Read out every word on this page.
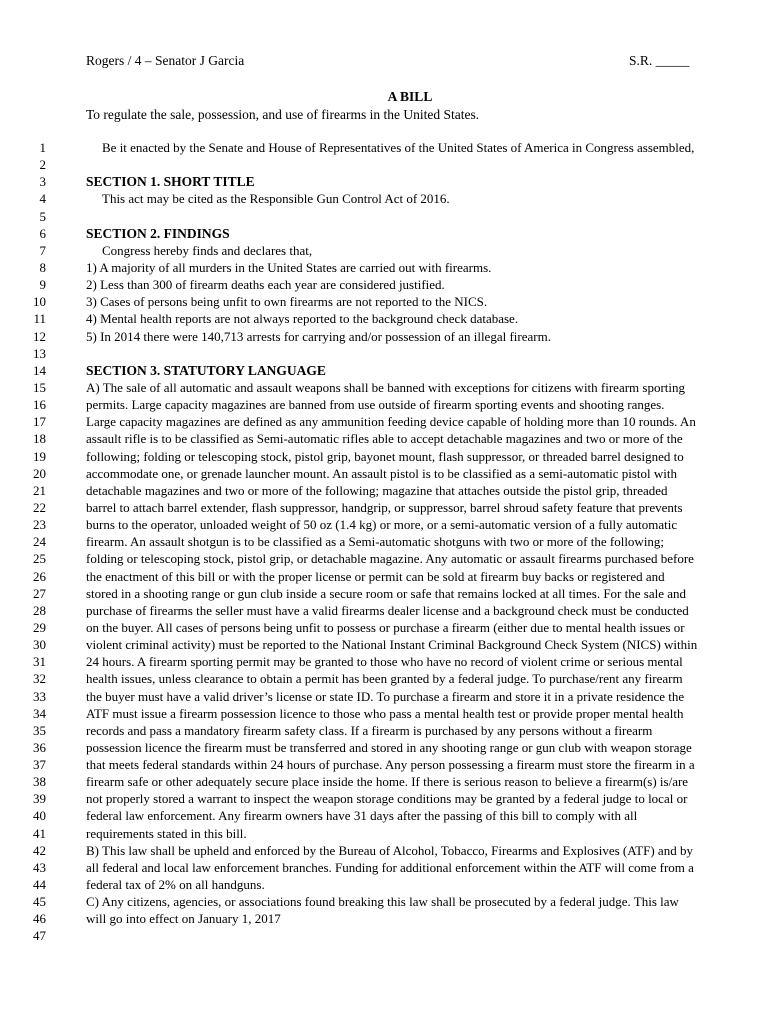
Rogers / 4 – Senator J Garcia	S.R. _____
A BILL
To regulate the sale, possession, and use of firearms in the United States.
1	Be it enacted by the Senate and House of Representatives of the United States of America in Congress assembled,
2
3	SECTION 1. SHORT TITLE
4	This act may be cited as the Responsible Gun Control Act of 2016.
5
6	SECTION 2. FINDINGS
7	Congress hereby finds and declares that,
8	1) A majority of all murders in the United States are carried out with firearms.
9	2) Less than 300 of firearm deaths each year are considered justified.
10	3) Cases of persons being unfit to own firearms are not reported to the NICS.
11	4) Mental health reports are not always reported to the background check database.
12	5) In 2014 there were 140,713 arrests for carrying and/or possession of an illegal firearm.
13
14	SECTION 3. STATUTORY LANGUAGE
15	A) The sale of all automatic and assault weapons shall be banned with exceptions for citizens with firearm sporting
16	permits. Large capacity magazines are banned from use outside of firearm sporting events and shooting ranges.
17	Large capacity magazines are defined as any ammunition feeding device capable of holding more than 10 rounds. An
18	assault rifle is to be classified as Semi-automatic rifles able to accept detachable magazines and two or more of the
19	following; folding or telescoping stock, pistol grip, bayonet mount, flash suppressor, or threaded barrel designed to
20	accommodate one, or grenade launcher mount. An assault pistol is to be classified as a semi-automatic pistol with
21	detachable magazines and two or more of the following; magazine that attaches outside the pistol grip, threaded
22	barrel to attach barrel extender, flash suppressor, handgrip, or suppressor, barrel shroud safety feature that prevents
23	burns to the operator, unloaded weight of 50 oz (1.4 kg) or more, or a semi-automatic version of a fully automatic
24	firearm. An assault shotgun is to be classified as a Semi-automatic shotguns with two or more of the following;
25	folding or telescoping stock, pistol grip, or detachable magazine. Any automatic or assault firearms purchased before
26	the enactment of this bill or with the proper license or permit can be sold at firearm buy backs or registered and
27	stored in a shooting range or gun club inside a secure room or safe that remains locked at all times. For the sale and
28	purchase of firearms the seller must have a valid firearms dealer license and a background check must be conducted
29	on the buyer. All cases of persons being unfit to possess or purchase a firearm (either due to mental health issues or
30	violent criminal activity) must be reported to the National Instant Criminal Background Check System (NICS) within
31	24 hours. A firearm sporting permit may be granted to those who have no record of violent crime or serious mental
32	health issues, unless clearance to obtain a permit has been granted by a federal judge. To purchase/rent any firearm
33	the buyer must have a valid driver’s license or state ID. To purchase a firearm and store it in a private residence the
34	ATF must issue a firearm possession licence to those who pass a mental health test or provide proper mental health
35	records and pass a mandatory firearm safety class. If a firearm is purchased by any persons without a firearm
36	possession licence the firearm must be transferred and stored in any shooting range or gun club with weapon storage
37	that meets federal standards within 24 hours of purchase. Any person possessing a firearm must store the firearm in a
38	firearm safe or other adequately secure place inside the home. If there is serious reason to believe a firearm(s) is/are
39	not properly stored a warrant to inspect the weapon storage conditions may be granted by a federal judge to local or
40	federal law enforcement. Any firearm owners have 31 days after the passing of this bill to comply with all
41	requirements stated in this bill.
42	B) This law shall be upheld and enforced by the Bureau of Alcohol, Tobacco, Firearms and Explosives (ATF) and by
43	all federal and local law enforcement branches. Funding for additional enforcement within the ATF will come from a
44	federal tax of 2% on all handguns.
45	C) Any citizens, agencies, or associations found breaking this law shall be prosecuted by a federal judge. This law
46	will go into effect on January 1, 2017
47
